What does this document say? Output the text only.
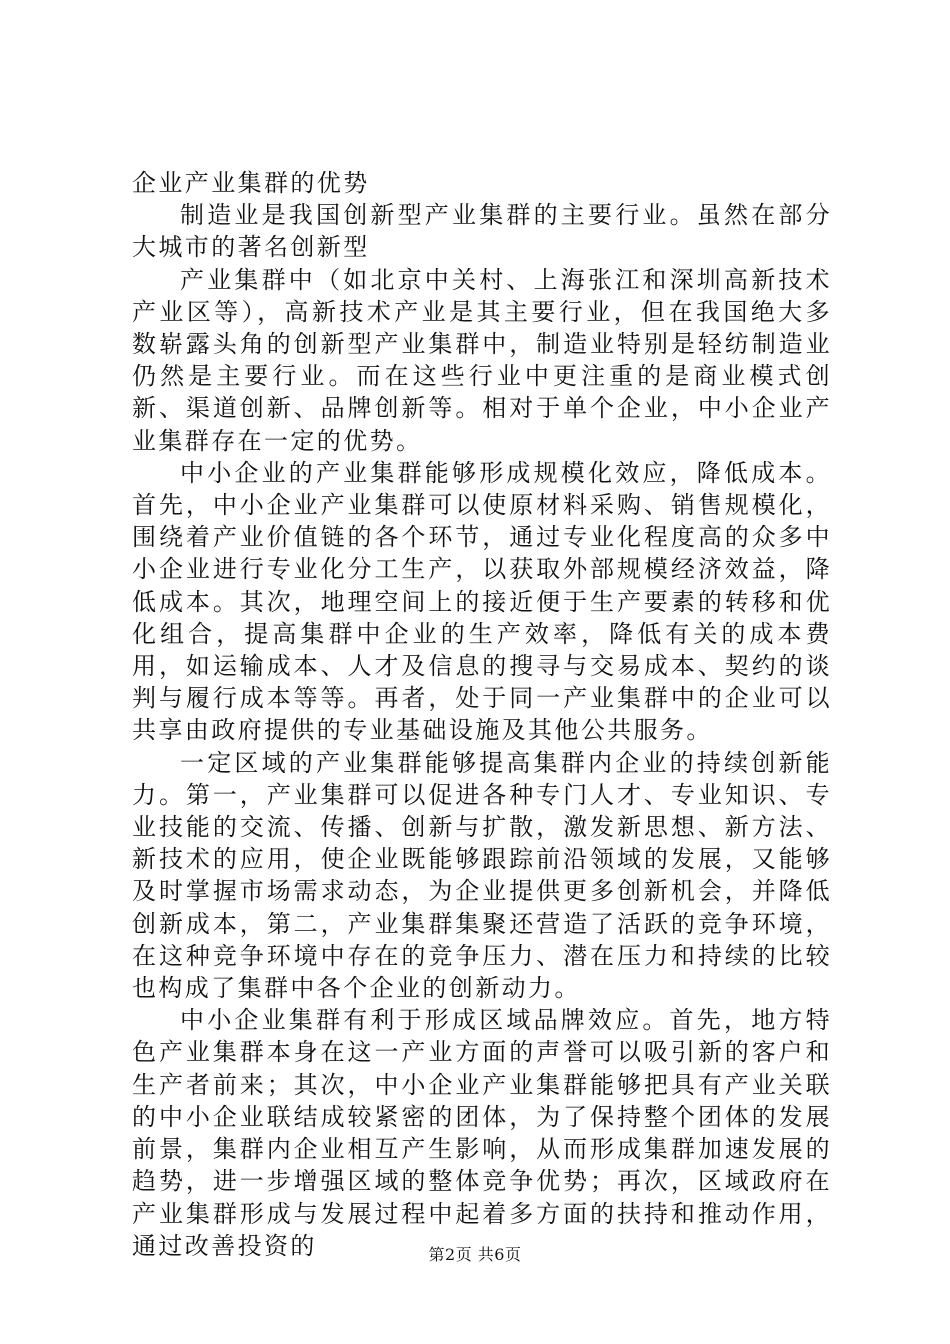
企业产业集群的优势

制造业是我国创新型产业集群的主要行业。虽然在部分大城市的著名创新型

产业集群中（如北京中关村、上海张江和深圳高新技术产业区等），高新技术产业是其主要行业，但在我国绝大多数崭露头角的创新型产业集群中，制造业特别是轻纺制造业仍然是主要行业。而在这些行业中更注重的是商业模式创新、渠道创新、品牌创新等。相对于单个企业，中小企业产业集群存在一定的优势。

中小企业的产业集群能够形成规模化效应，降低成本。首先，中小企业产业集群可以使原材料采购、销售规模化，围绕着产业价值链的各个环节，通过专业化程度高的众多中小企业进行专业化分工生产，以获取外部规模经济效益，降低成本。其次，地理空间上的接近便于生产要素的转移和优化组合，提高集群中企业的生产效率，降低有关的成本费用，如运输成本、人才及信息的搜寻与交易成本、契约的谈判与履行成本等等。再者，处于同一产业集群中的企业可以共享由政府提供的专业基础设施及其他公共服务。

一定区域的产业集群能够提高集群内企业的持续创新能力。第一，产业集群可以促进各种专门人才、专业知识、专业技能的交流、传播、创新与扩散，激发新思想、新方法、新技术的应用，使企业既能够跟踪前沿领域的发展，又能够及时掌握市场需求动态，为企业提供更多创新机会，并降低创新成本，第二，产业集群集聚还营造了活跃的竞争环境，在这种竞争环境中存在的竞争压力、潜在压力和持续的比较也构成了集群中各个企业的创新动力。

中小企业集群有利于形成区域品牌效应。首先，地方特色产业集群本身在这一产业方面的声誉可以吸引新的客户和生产者前来；其次，中小企业产业集群能够把具有产业关联的中小企业联结成较紧密的团体，为了保持整个团体的发展前景，集群内企业相互产生影响，从而形成集群加速发展的趋势，进一步增强区域的整体竞争优势；再次，区域政府在产业集群形成与发展过程中起着多方面的扶持和推动作用，通过改善投资的	第2页 共6页
